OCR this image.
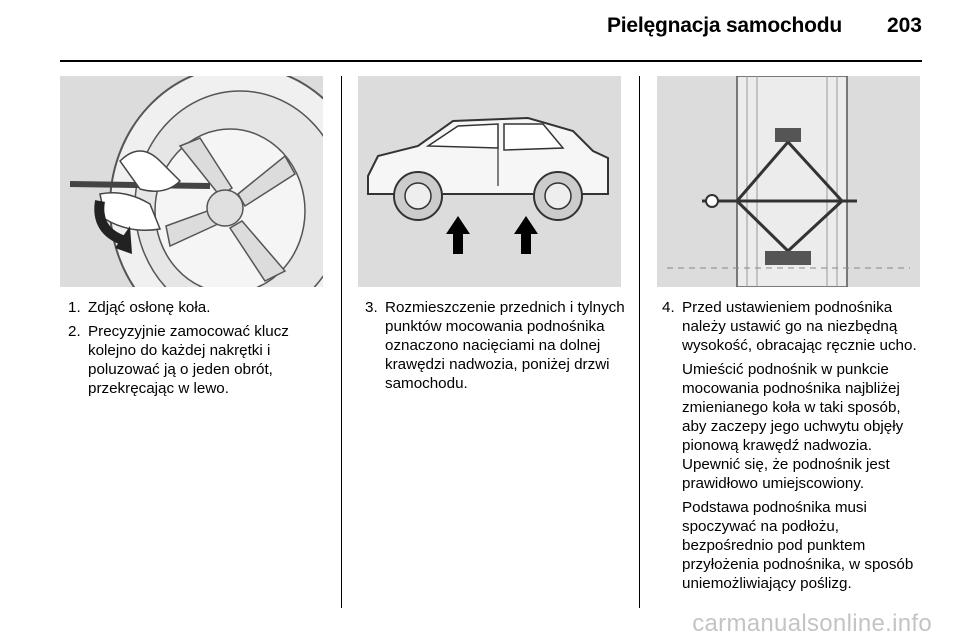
Pielęgnacja samochodu 203
1. Zdjąć osłonę koła.
2. Precyzyjnie zamocować klucz kolejno do każdej nakrętki i poluzować ją o jeden obrót, przekręcając w lewo.
3. Rozmieszczenie przednich i tylnych punktów mocowania podnośnika oznaczono nacięciami na dolnej krawędzi nadwozia, poniżej drzwi samochodu.
4. Przed ustawieniem podnośnika należy ustawić go na niezbędną wysokość, obracając ręcznie ucho.

Umieścić podnośnik w punkcie mocowania podnośnika najbliżej zmienianego koła w taki sposób, aby zaczepy jego uchwytu objęły pionową krawędź nadwozia. Upewnić się, że podnośnik jest prawidłowo umiejscowiony.

Podstawa podnośnika musi spoczywać na podłożu, bezpośrednio pod punktem przyłożenia podnośnika, w sposób uniemożliwiający poślizg.

carmanualsonline.info
